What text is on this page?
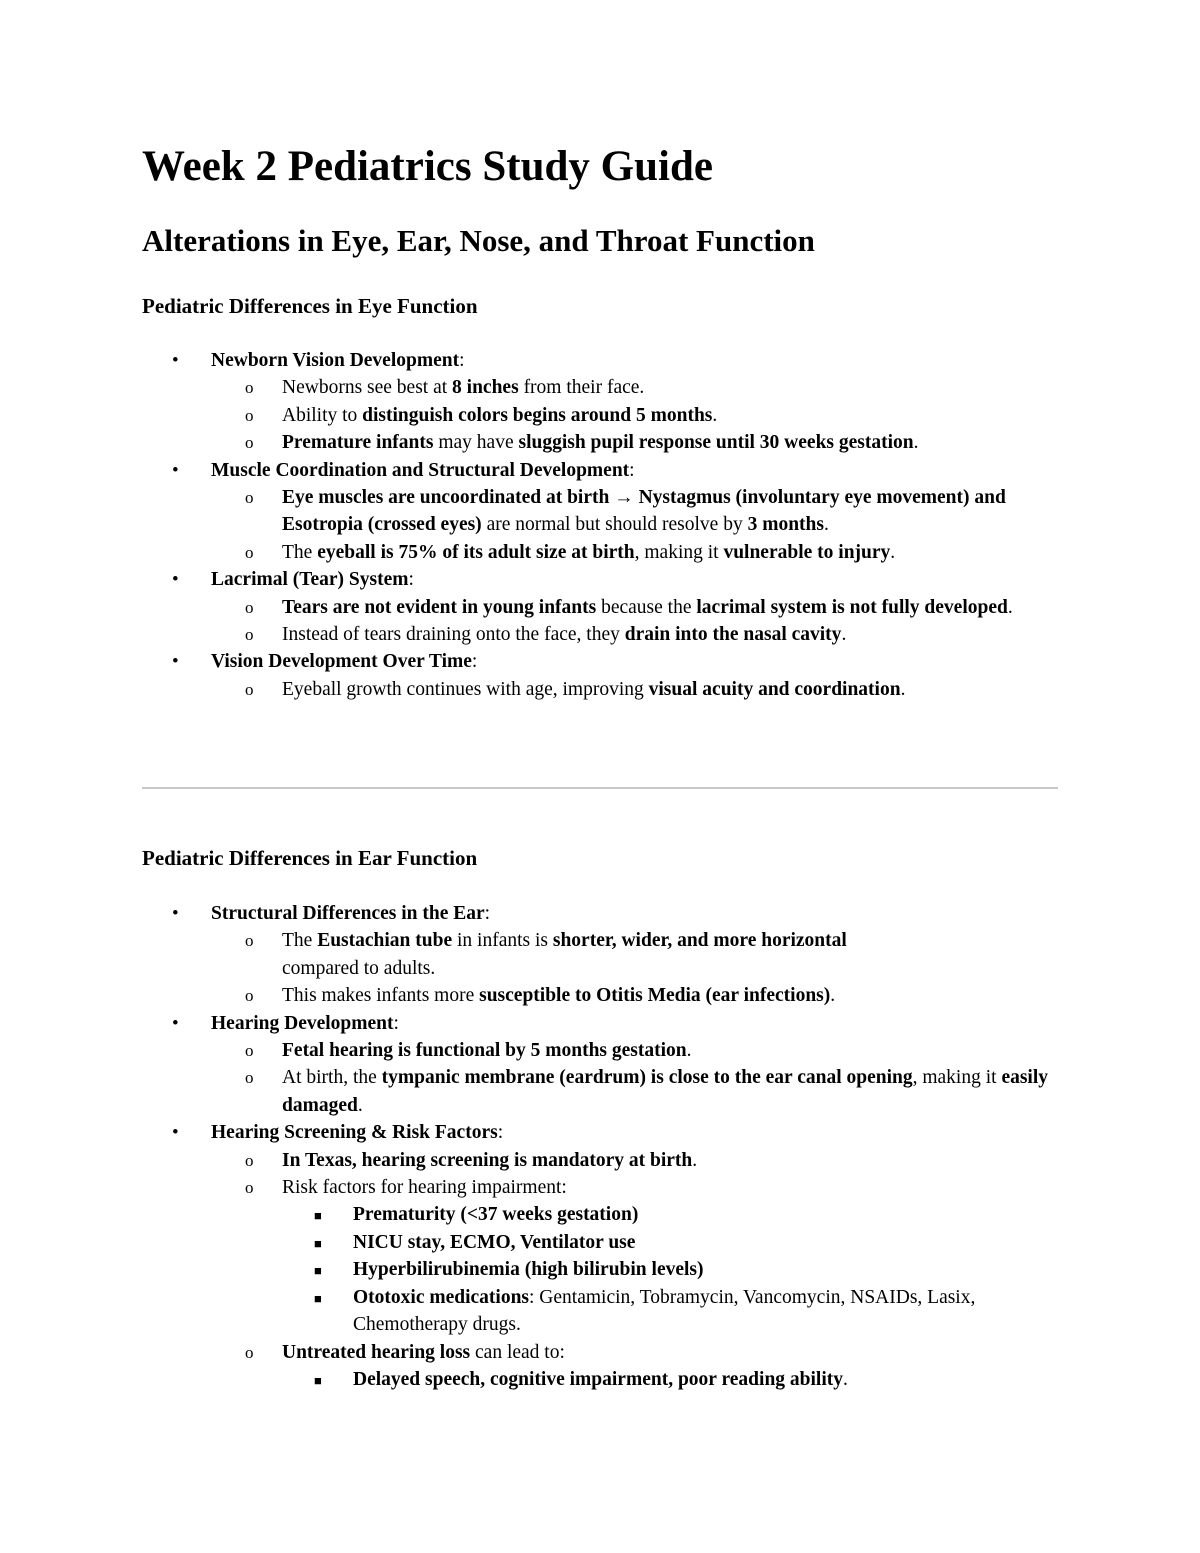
Week 2 Pediatrics Study Guide
Alterations in Eye, Ear, Nose, and Throat Function
Pediatric Differences in Eye Function
• Newborn Vision Development:
o Newborns see best at 8 inches from their face.
o Ability to distinguish colors begins around 5 months.
o Premature infants may have sluggish pupil response until 30 weeks gestation.
• Muscle Coordination and Structural Development:
o Eye muscles are uncoordinated at birth → Nystagmus (involuntary eye movement) and Esotropia (crossed eyes) are normal but should resolve by 3 months.
o The eyeball is 75% of its adult size at birth, making it vulnerable to injury.
• Lacrimal (Tear) System:
o Tears are not evident in young infants because the lacrimal system is not fully developed.
o Instead of tears draining onto the face, they drain into the nasal cavity.
• Vision Development Over Time:
o Eyeball growth continues with age, improving visual acuity and coordination.
Pediatric Differences in Ear Function
• Structural Differences in the Ear:
o The Eustachian tube in infants is shorter, wider, and more horizontal compared to adults.
o This makes infants more susceptible to Otitis Media (ear infections).
• Hearing Development:
o Fetal hearing is functional by 5 months gestation.
o At birth, the tympanic membrane (eardrum) is close to the ear canal opening, making it easily damaged.
• Hearing Screening & Risk Factors:
o In Texas, hearing screening is mandatory at birth.
o Risk factors for hearing impairment:
■ Prematurity (<37 weeks gestation)
■ NICU stay, ECMO, Ventilator use
■ Hyperbilirubinemia (high bilirubin levels)
■ Ototoxic medications: Gentamicin, Tobramycin, Vancomycin, NSAIDs, Lasix, Chemotherapy drugs.
o Untreated hearing loss can lead to:
■ Delayed speech, cognitive impairment, poor reading ability.
